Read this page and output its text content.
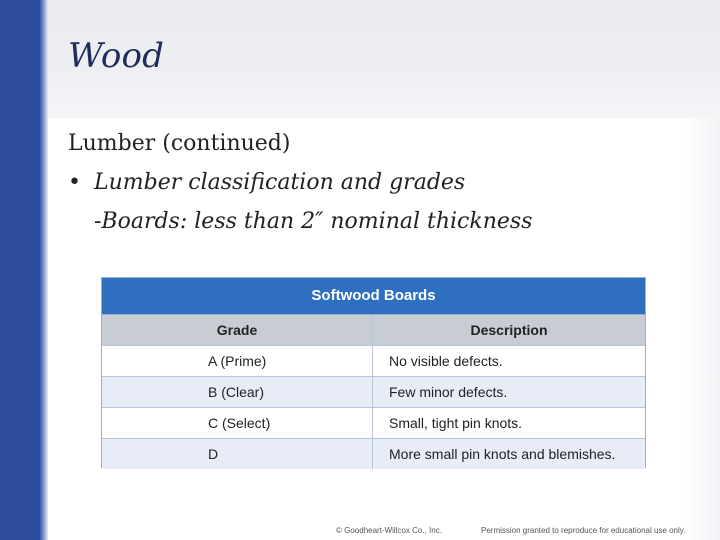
Wood
Lumber (continued)
• Lumber classification and grades
-Boards: less than 2″ nominal thickness
Softwood Boards
Grade	Description
A (Prime)	No visible defects.
B (Clear)	Few minor defects.
C (Select)	Small, tight pin knots.
D	More small pin knots and blemishes.
© Goodheart-Willcox Co., Inc.	Permission granted to reproduce for educational use only.
